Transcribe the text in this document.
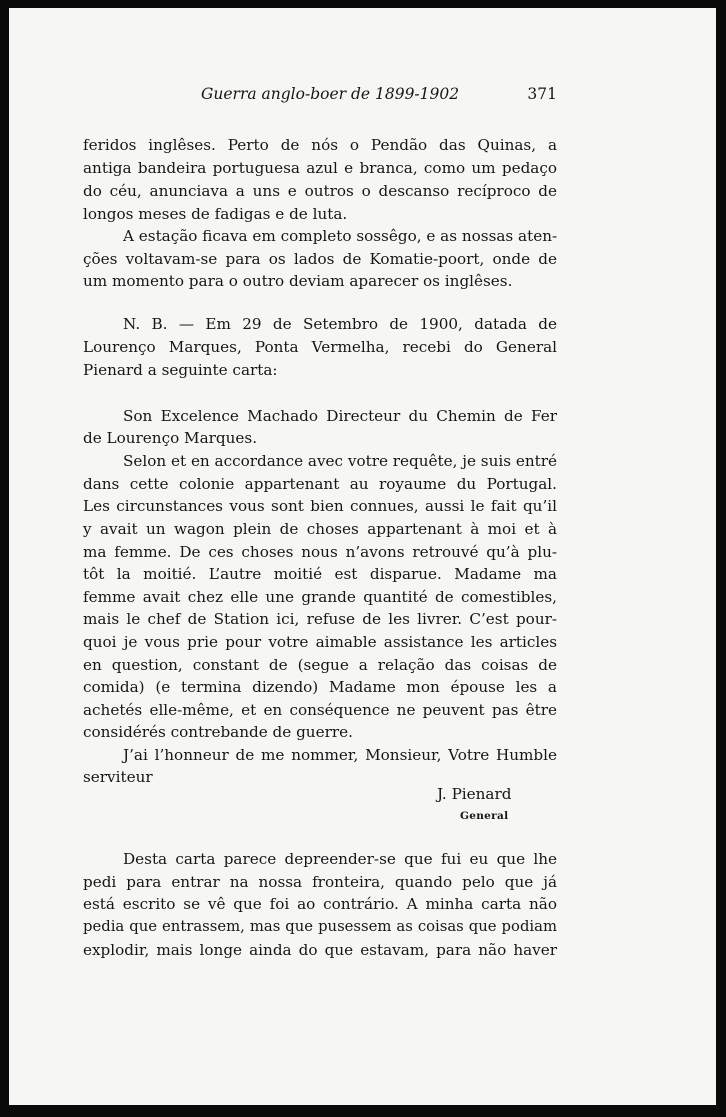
Guerra anglo-boer de 1899-1902	371
feridos inglêses. Perto de nós o Pendão das Quinas, a
antiga bandeira portuguesa azul e branca, como um pedaço
do céu, anunciava a uns e outros o descanso recíproco de
longos meses de fadigas e de luta.
A estação ficava em completo sossêgo, e as nossas aten-
ções voltavam-se para os lados de Komatie-poort, onde de
um momento para o outro deviam aparecer os inglêses.
N. B. — Em 29 de Setembro de 1900, datada de
Lourenço Marques, Ponta Vermelha, recebi do General
Pienard a seguinte carta:
Son Excelence Machado Directeur du Chemin de Fer
de Lourenço Marques.
Selon et en accordance avec votre requête, je suis entré
dans cette colonie appartenant au royaume du Portugal.
Les circunstances vous sont bien connues, aussi le fait qu’il
y avait un wagon plein de choses appartenant à moi et à
ma femme. De ces choses nous n’avons retrouvé qu’à plu-
tôt la moitié. L’autre moitié est disparue. Madame ma
femme avait chez elle une grande quantité de comestibles,
mais le chef de Station ici, refuse de les livrer. C’est pour-
quoi je vous prie pour votre aimable assistance les articles
en question, constant de (segue a relação das coisas de
comida) (e termina dizendo) Madame mon épouse les a
achetés elle-même, et en conséquence ne peuvent pas être
considérés contrebande de guerre.
J’ai l’honneur de me nommer, Monsieur, Votre Humble
serviteur
J. Pienard
General
Desta carta parece depreender-se que fui eu que lhe
pedi para entrar na nossa fronteira, quando pelo que já
está escrito se vê que foi ao contrário. A minha carta não
pedia que entrassem, mas que pusessem as coisas que podiam
explodir, mais longe ainda do que estavam, para não haver
